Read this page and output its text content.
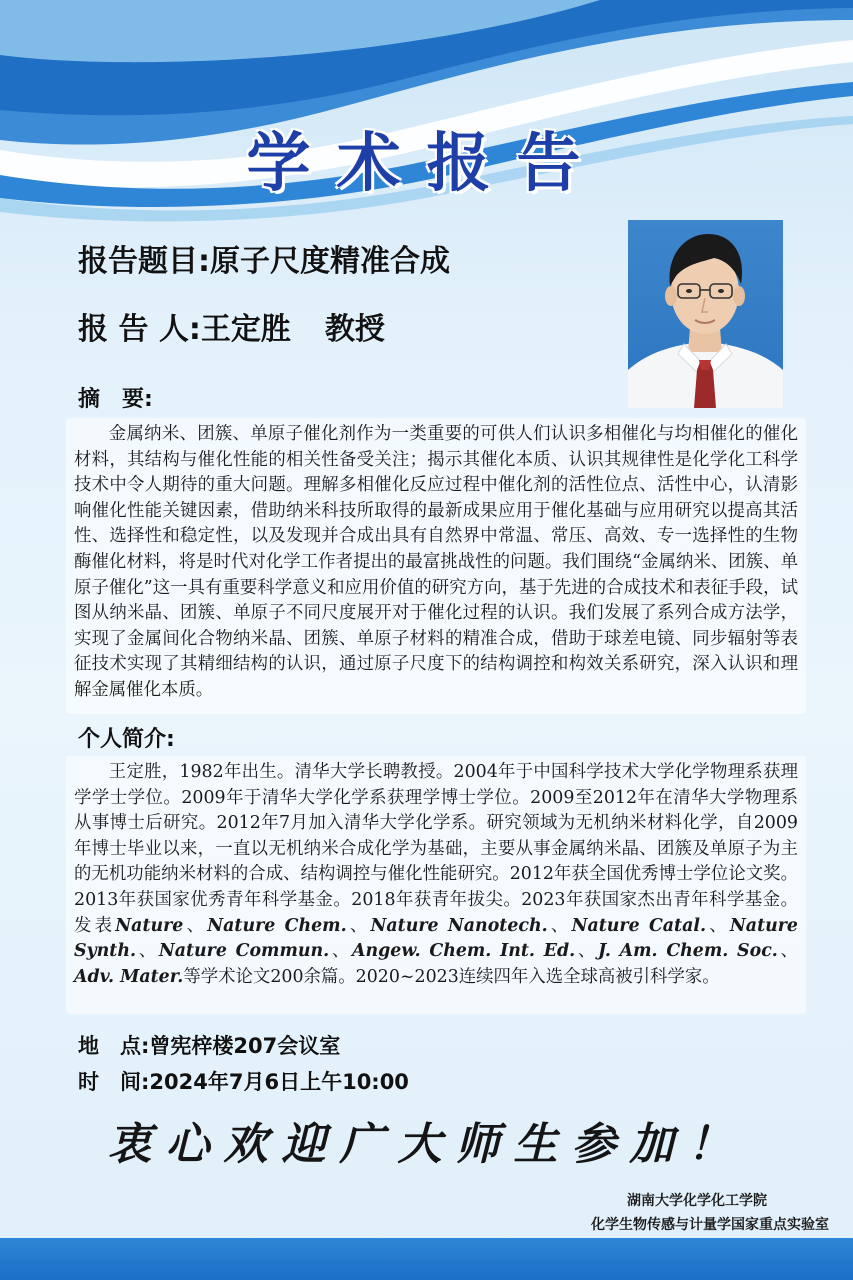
学术报告
报告题目:原子尺度精准合成
报 告 人:王定胜 教授
摘　要:

金属纳米、团簇、单原子催化剂作为一类重要的可供人们认识多相催化与均相催化的催化材料，其结构与催化性能的相关性备受关注；揭示其催化本质、认识其规律性是化学化工科学技术中令人期待的重大问题。理解多相催化反应过程中催化剂的活性位点、活性中心，认清影响催化性能关键因素，借助纳米科技所取得的最新成果应用于催化基础与应用研究以提高其活性、选择性和稳定性，以及发现并合成出具有自然界中常温、常压、高效、专一选择性的生物酶催化材料，将是时代对化学工作者提出的最富挑战性的问题。我们围绕“金属纳米、团簇、单原子催化”这一具有重要科学意义和应用价值的研究方向，基于先进的合成技术和表征手段，试图从纳米晶、团簇、单原子不同尺度展开对于催化过程的认识。我们发展了系列合成方法学，实现了金属间化合物纳米晶、团簇、单原子材料的精准合成，借助于球差电镜、同步辐射等表征技术实现了其精细结构的认识，通过原子尺度下的结构调控和构效关系研究，深入认识和理解金属催化本质。

个人简介:

王定胜，1982年出生。清华大学长聘教授。2004年于中国科学技术大学化学物理系获理学学士学位。2009年于清华大学化学系获理学博士学位。2009至2012年在清华大学物理系从事博士后研究。2012年7月加入清华大学化学系。研究领域为无机纳米材料化学，自2009年博士毕业以来，一直以无机纳米合成化学为基础，主要从事金属纳米晶、团簇及单原子为主的无机功能纳米材料的合成、结构调控与催化性能研究。2012年获全国优秀博士学位论文奖。2013年获国家优秀青年科学基金。2018年获青年拔尖。2023年获国家杰出青年科学基金。发表Nature、Nature Chem.、Nature Nanotech.、Nature Catal.、Nature Synth.、Nature Commun.、Angew. Chem. Int. Ed.、J. Am. Chem. Soc.、Adv. Mater.等学术论文200余篇。2020~2023连续四年入选全球高被引科学家。

地　点:曾宪梓楼207会议室
时　间:2024年7月6日上午10:00
衷心欢迎广大师生参加！
湖南大学化学化工学院
化学生物传感与计量学国家重点实验室
